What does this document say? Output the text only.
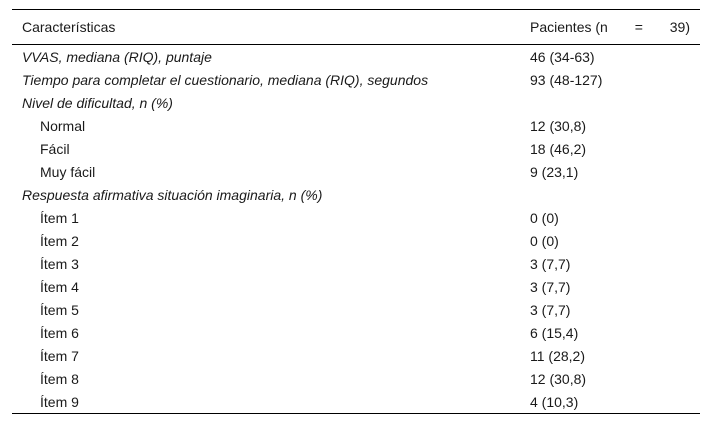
Características	Pacientes (n = 39)

VVAS, mediana (RIQ), puntaje	46 (34-63)
Tiempo para completar el cuestionario, mediana (RIQ), segundos	93 (48-127)
Nivel de dificultad, n (%)	
Normal	12 (30,8)
Fácil	18 (46,2)
Muy fácil	9 (23,1)
Respuesta afirmativa situación imaginaria, n (%)	
Ítem 1	0 (0)
Ítem 2	0 (0)
Ítem 3	3 (7,7)
Ítem 4	3 (7,7)
Ítem 5	3 (7,7)
Ítem 6	6 (15,4)
Ítem 7	11 (28,2)
Ítem 8	12 (30,8)
Ítem 9	4 (10,3)
